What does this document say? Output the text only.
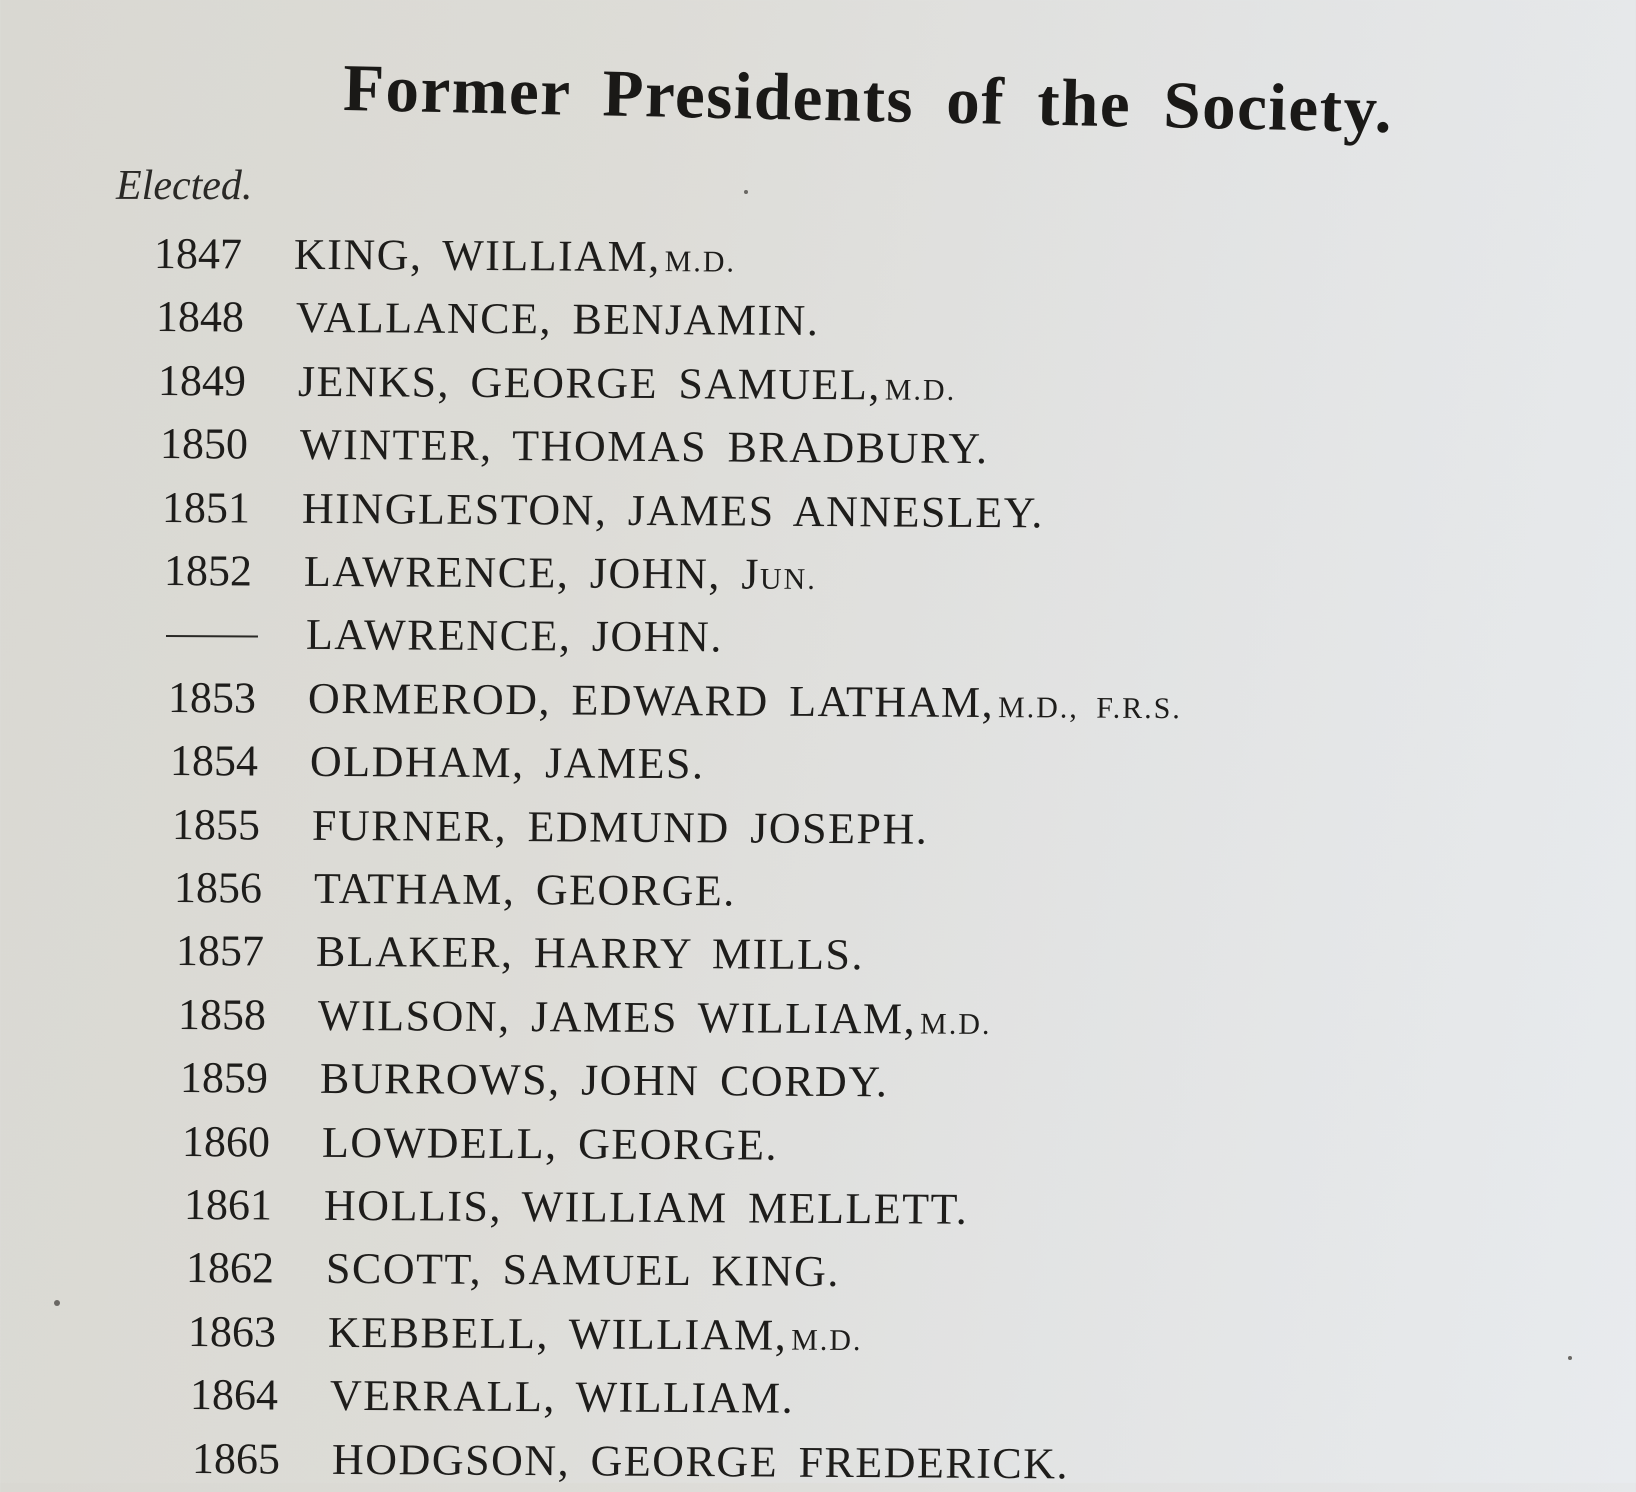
Former Presidents of the Society.
Elected.
1847 KING, WILLIAM, M.D.
1848 VALLANCE, BENJAMIN.
1849 JENKS, GEORGE SAMUEL, M.D.
1850 WINTER, THOMAS BRADBURY.
1851 HINGLESTON, JAMES ANNESLEY.
1852 LAWRENCE, JOHN, JUN.
LAWRENCE, JOHN.
1853 ORMEROD, EDWARD LATHAM, M.D., F.R.S.
1854 OLDHAM, JAMES.
1855 FURNER, EDMUND JOSEPH.
1856 TATHAM, GEORGE.
1857 BLAKER, HARRY MILLS.
1858 WILSON, JAMES WILLIAM, M.D.
1859 BURROWS, JOHN CORDY.
1860 LOWDELL, GEORGE.
1861 HOLLIS, WILLIAM MELLETT.
1862 SCOTT, SAMUEL KING.
1863 KEBBELL, WILLIAM, M.D.
1864 VERRALL, WILLIAM.
1865 HODGSON, GEORGE FREDERICK.
